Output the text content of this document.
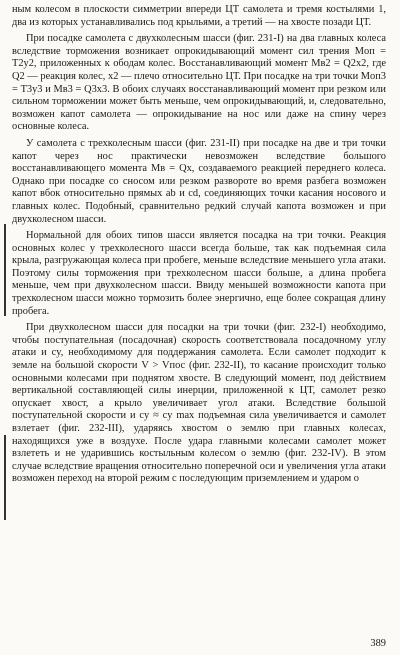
ным колесом в плоскости симметрии впереди ЦТ самолета и тремя костылями 1, два из которых устанавливались под крыльями, а третий — на хвосте позади ЦТ.

При посадке самолета с двухколесным шасси (фиг. 231-I) на два главных колеса вследствие торможения возникает опрокидывающий момент сил трения Mоп = T2y2, приложенных к ободам колес. Восстанавливающий момент Mв2 = Q2x2, где Q2 — реакция колес, x2 — плечо относительно ЦТ. При посадке на три точки Mоп3 = T3y3 и Mв3 = Q3x3. В обоих случаях восстанавливающий момент при резком или сильном торможении может быть меньше, чем опрокидывающий, и, следовательно, возможен капот самолета — опрокидывание на нос или даже на спину через основные колеса.

У самолета с трехколесным шасси (фиг. 231-II) при посадке на две и три точки капот через нос практически невозможен вследствие большого восстанавливающего момента Mв = Qx, создаваемого реакцией переднего колеса. Однако при посадке со сносом или резком развороте во время разбега возможен капот вбок относительно прямых ab и cd, соединяющих точки касания носового и главных колес. Подобный, сравнительно редкий случай капота возможен и при двухколесном шасси.

Нормальной для обоих типов шасси является посадка на три точки. Реакция основных колес у трехколесного шасси всегда больше, так как подъемная сила крыла, разгружающая колеса при пробеге, меньше вследствие меньшего угла атаки. Поэтому силы торможения при трехколесном шасси больше, а длина пробега меньше, чем при двухколесном шасси. Ввиду меньшей возможности капота при трехколесном шасси можно тормозить более энергично, еще более сокращая длину пробега.

При двухколесном шасси для посадки на три точки (фиг. 232-I) необходимо, чтобы поступательная (посадочная) скорость соответствовала посадочному углу атаки и cy, необходимому для поддержания самолета. Если самолет подходит к земле на большой скорости V > Vпос (фиг. 232-II), то касание происходит только основными колесами при поднятом хвосте. В следующий момент, под действием вертикальной составляющей силы инерции, приложенной к ЦТ, самолет резко опускает хвост, а крыло увеличивает угол атаки. Вследствие большой поступательной скорости и cy ≈ cy max подъемная сила увеличивается и самолет взлетает (фиг. 232-III), ударяясь хвостом о землю при главных колесах, находящихся уже в воздухе. После удара главными колесами самолет может взлететь и не ударившись костыльным колесом о землю (фиг. 232-IV). В этом случае вследствие вращения относительно поперечной оси и увеличения угла атаки возможен переход на второй режим с последующим приземлением и ударом о

389
